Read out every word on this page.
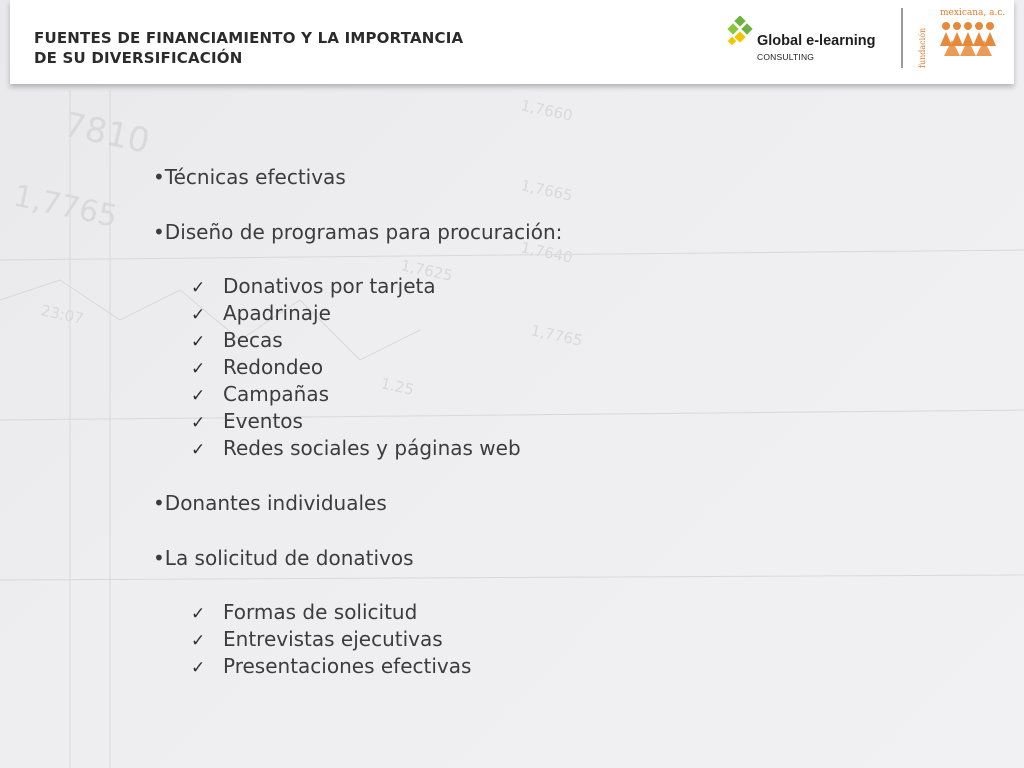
7810
1,7765
1,7660
1,7665
1,7640
1,7765
1,7625
23:07
1.25
FUENTES DE FINANCIAMIENTO Y LA IMPORTANCIA
DE SU DIVERSIFICACIÓN
Global e-learning
CONSULTING	fundación
mexicana, a.c.
•Técnicas efectivas
•Diseño de programas para procuración:
✓ Donativos por tarjeta
✓ Apadrinaje
✓ Becas
✓ Redondeo
✓ Campañas
✓ Eventos
✓ Redes sociales y páginas web
•Donantes individuales
•La solicitud de donativos
✓ Formas de solicitud
✓ Entrevistas ejecutivas
✓ Presentaciones efectivas
